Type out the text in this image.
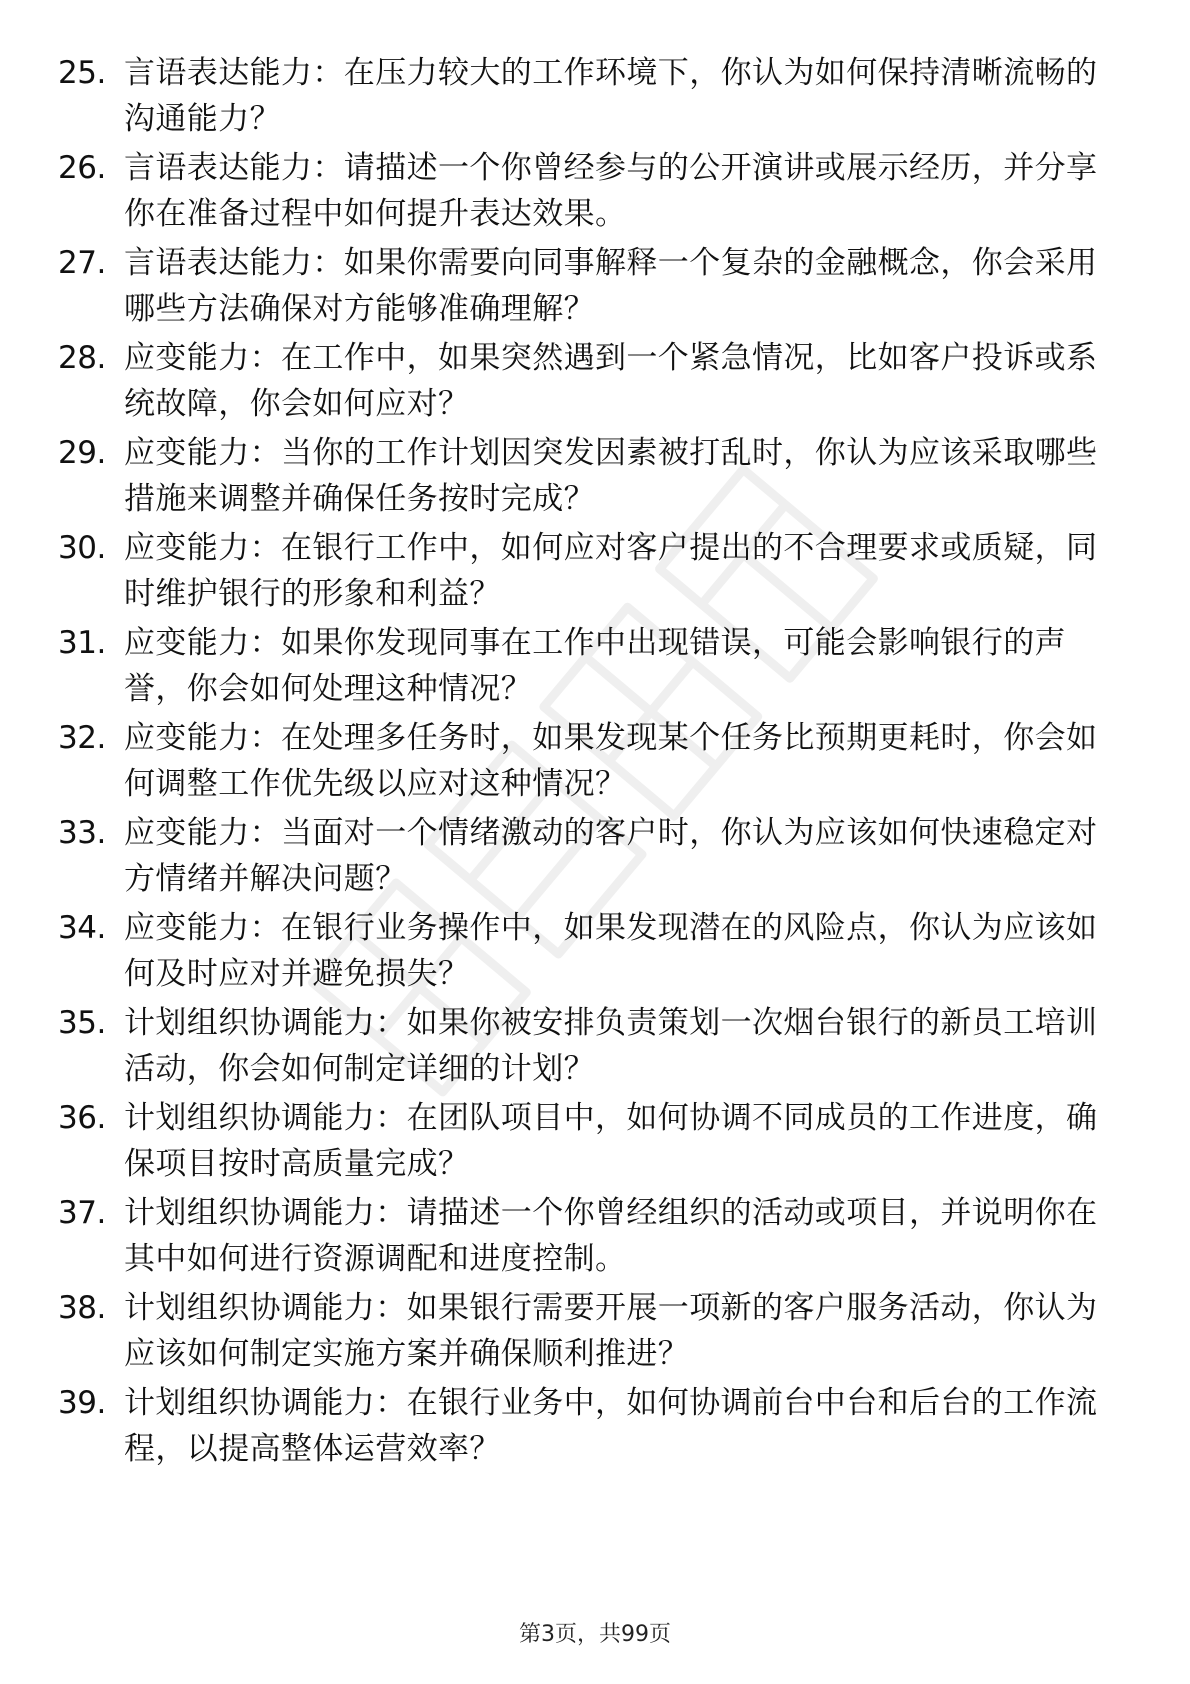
25. 言语表达能力：在压力较大的工作环境下，你认为如何保持清晰流畅的沟通能力？
26. 言语表达能力：请描述一个你曾经参与的公开演讲或展示经历，并分享你在准备过程中如何提升表达效果。
27. 言语表达能力：如果你需要向同事解释一个复杂的金融概念，你会采用哪些方法确保对方能够准确理解？
28. 应变能力：在工作中，如果突然遇到一个紧急情况，比如客户投诉或系统故障，你会如何应对？
29. 应变能力：当你的工作计划因突发因素被打乱时，你认为应该采取哪些措施来调整并确保任务按时完成？
30. 应变能力：在银行工作中，如何应对客户提出的不合理要求或质疑，同时维护银行的形象和利益？
31. 应变能力：如果你发现同事在工作中出现错误，可能会影响银行的声誉，你会如何处理这种情况？
32. 应变能力：在处理多任务时，如果发现某个任务比预期更耗时，你会如何调整工作优先级以应对这种情况？
33. 应变能力：当面对一个情绪激动的客户时，你认为应该如何快速稳定对方情绪并解决问题？
34. 应变能力：在银行业务操作中，如果发现潜在的风险点，你认为应该如何及时应对并避免损失？
35. 计划组织协调能力：如果你被安排负责策划一次烟台银行的新员工培训活动，你会如何制定详细的计划？
36. 计划组织协调能力：在团队项目中，如何协调不同成员的工作进度，确保项目按时高质量完成？
37. 计划组织协调能力：请描述一个你曾经组织的活动或项目，并说明你在其中如何进行资源调配和进度控制。
38. 计划组织协调能力：如果银行需要开展一项新的客户服务活动，你认为应该如何制定实施方案并确保顺利推进？
39. 计划组织协调能力：在银行业务中，如何协调前台中台和后台的工作流程，以提高整体运营效率？
第3页，共99页
